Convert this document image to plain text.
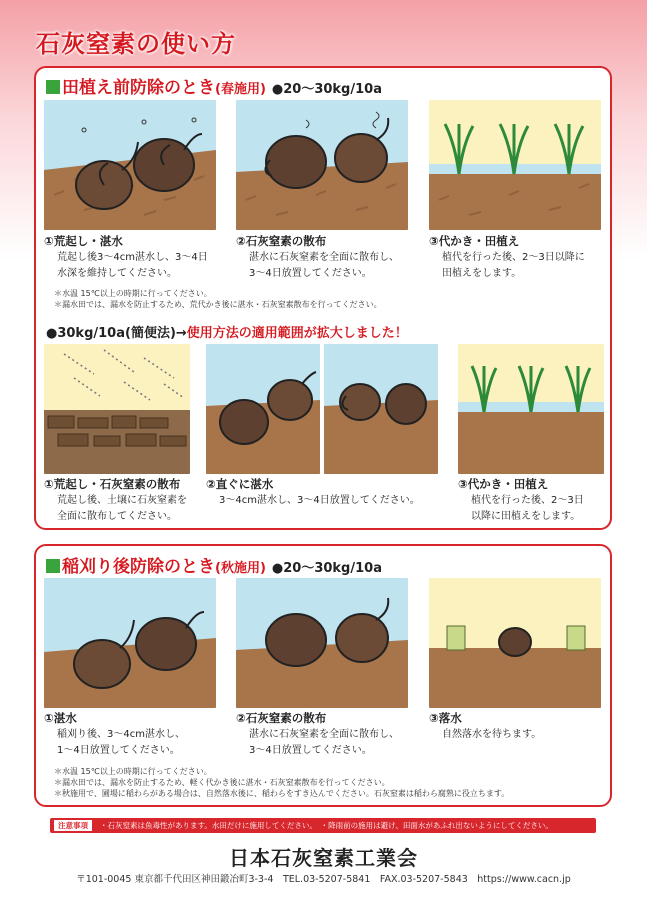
石灰窒素の使い方
田植え前防除のとき(春施用) ●20～30kg/10a
①荒起し・湛水
荒起し後3～4cm湛水し、3～4日
水深を維持してください。
②石灰窒素の散布
湛水に石灰窒素を全面に散布し、
3～4日放置してください。
③代かき・田植え
植代を行った後、2～3日以降に
田植えをします。
＊水温 15℃以上の時期に行ってください。
＊漏水田では、漏水を防止するため、荒代かき後に湛水・石灰窒素散布を行ってください。
●30kg/10a(簡便法)→使用方法の適用範囲が拡大しました！
①荒起し・石灰窒素の散布
荒起し後、土壌に石灰窒素を
全面に散布してください。
②直ぐに湛水
3～4cm湛水し、3～4日放置してください。
③代かき・田植え
植代を行った後、2～3日
以降に田植えをします。
稲刈り後防除のとき(秋施用) ●20～30kg/10a
①湛水
稲刈り後、3～4cm湛水し、
1～4日放置してください。
②石灰窒素の散布
湛水に石灰窒素を全面に散布し、
3～4日放置してください。
③落水
自然落水を待ちます。
＊水温 15℃以上の時期に行ってください。
＊漏水田では、漏水を防止するため、軽く代かき後に湛水・石灰窒素散布を行ってください。
＊秋施用で、圃場に稲わらがある場合は、自然落水後に、稲わらをすき込んでください。石灰窒素は稲わら腐熟に役立ちます。
注意事項 ・石灰窒素は魚毒性があります。水田だけに施用してください。　・降雨前の施用は避け、田面水があふれ出ないようにしてください。
日本石灰窒素工業会
〒101-0045 東京都千代田区神田鍛冶町3-3-4　TEL.03-5207-5841　FAX.03-5207-5843　https://www.cacn.jp
